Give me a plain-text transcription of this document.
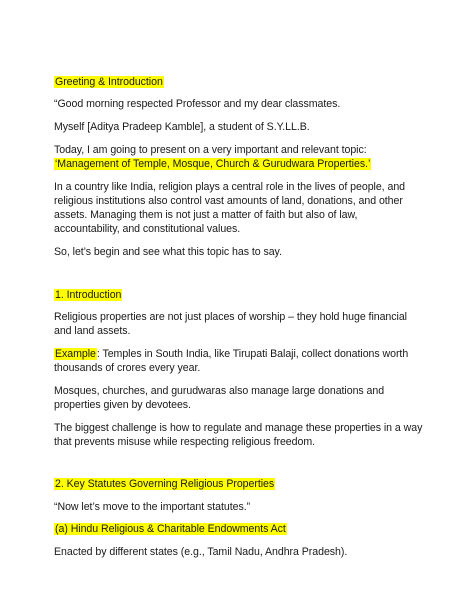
Greeting & Introduction
“Good morning respected Professor and my dear classmates.
Myself [Aditya Pradeep Kamble], a student of S.Y.LL.B.
Today, I am going to present on a very important and relevant topic:
‘Management of Temple, Mosque, Church & Gurudwara Properties.’
In a country like India, religion plays a central role in the lives of people, and
religious institutions also control vast amounts of land, donations, and other
assets. Managing them is not just a matter of faith but also of law,
accountability, and constitutional values.
So, let’s begin and see what this topic has to say.
1. Introduction
Religious properties are not just places of worship – they hold huge financial
and land assets.
Example: Temples in South India, like Tirupati Balaji, collect donations worth
thousands of crores every year.
Mosques, churches, and gurudwaras also manage large donations and
properties given by devotees.
The biggest challenge is how to regulate and manage these properties in a way
that prevents misuse while respecting religious freedom.
2. Key Statutes Governing Religious Properties
“Now let’s move to the important statutes.”
(a) Hindu Religious & Charitable Endowments Act
Enacted by different states (e.g., Tamil Nadu, Andhra Pradesh).
